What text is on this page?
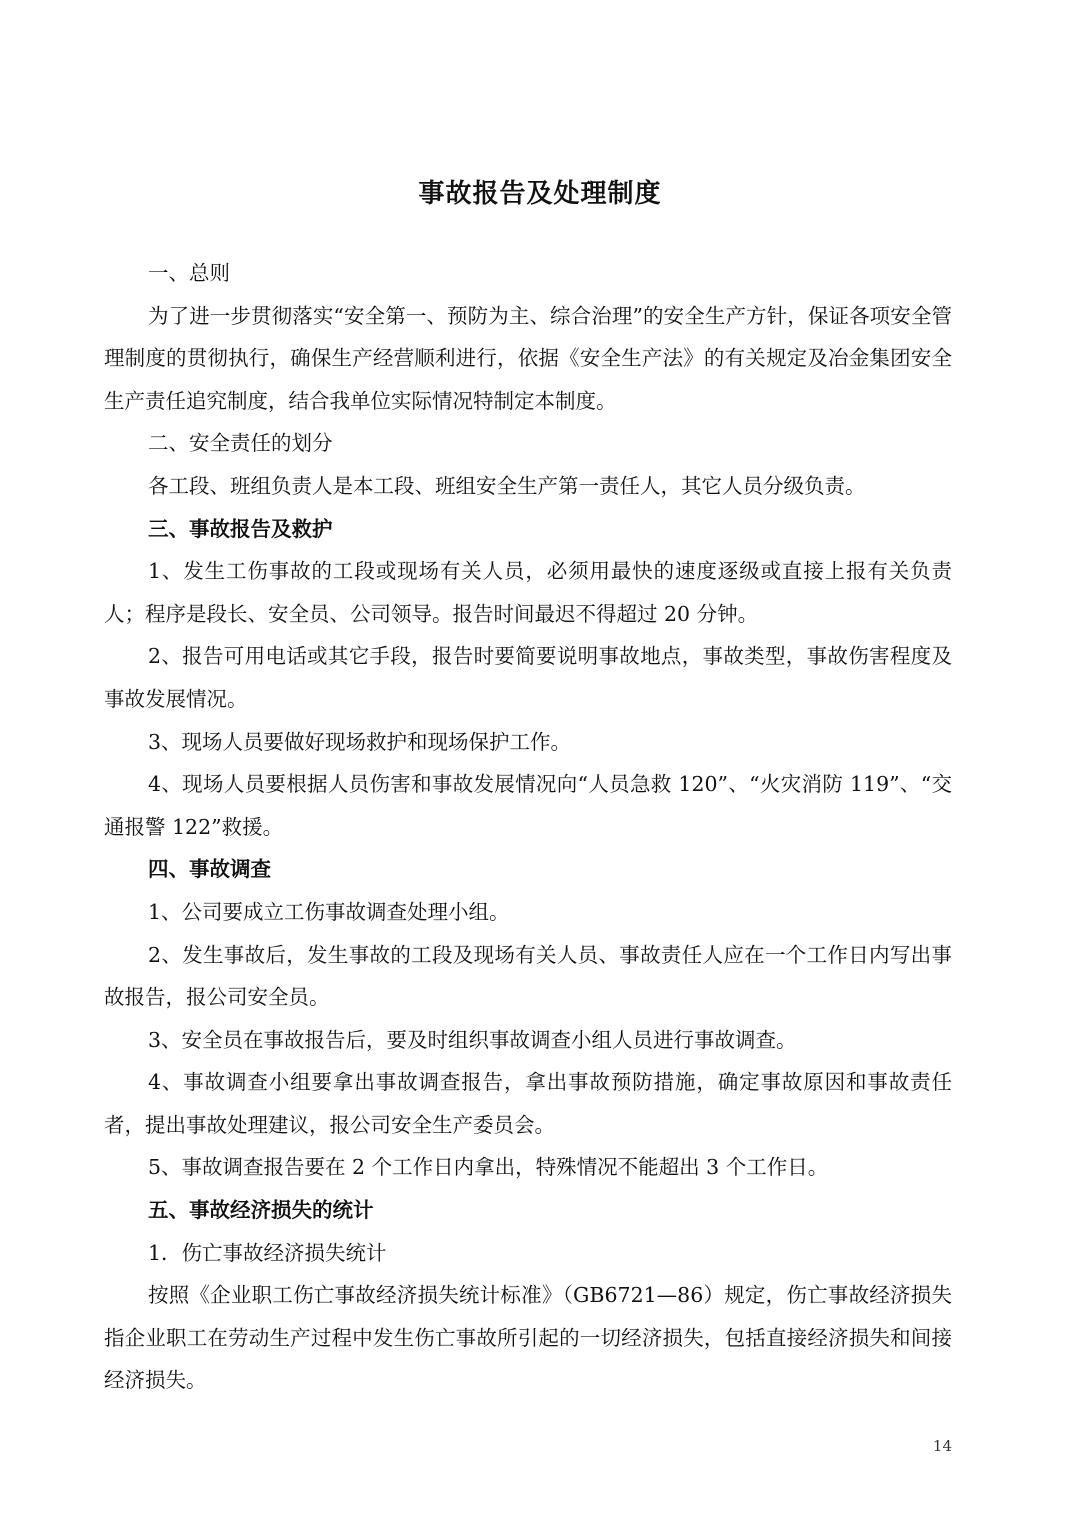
事故报告及处理制度

一、总则

为了进一步贯彻落实“安全第一、预防为主、综合治理”的安全生产方针，保证各项安全管理制度的贯彻执行，确保生产经营顺利进行，依据《安全生产法》的有关规定及冶金集团安全生产责任追究制度，结合我单位实际情况特制定本制度。

二、安全责任的划分

各工段、班组负责人是本工段、班组安全生产第一责任人，其它人员分级负责。

三、事故报告及救护

1、发生工伤事故的工段或现场有关人员，必须用最快的速度逐级或直接上报有关负责人；程序是段长、安全员、公司领导。报告时间最迟不得超过 20 分钟。

2、报告可用电话或其它手段，报告时要简要说明事故地点，事故类型，事故伤害程度及事故发展情况。

3、现场人员要做好现场救护和现场保护工作。

4、现场人员要根据人员伤害和事故发展情况向“人员急救 120”、“火灾消防 119”、“交通报警 122”救援。

四、事故调查

1、公司要成立工伤事故调查处理小组。

2、发生事故后，发生事故的工段及现场有关人员、事故责任人应在一个工作日内写出事故报告，报公司安全员。

3、安全员在事故报告后，要及时组织事故调查小组人员进行事故调查。

4、事故调查小组要拿出事故调查报告，拿出事故预防措施，确定事故原因和事故责任者，提出事故处理建议，报公司安全生产委员会。

5、事故调查报告要在 2 个工作日内拿出，特殊情况不能超出 3 个工作日。

五、事故经济损失的统计

1．伤亡事故经济损失统计

按照《企业职工伤亡事故经济损失统计标准》（GB6721—86）规定，伤亡事故经济损失指企业职工在劳动生产过程中发生伤亡事故所引起的一切经济损失，包括直接经济损失和间接经济损失。

14
